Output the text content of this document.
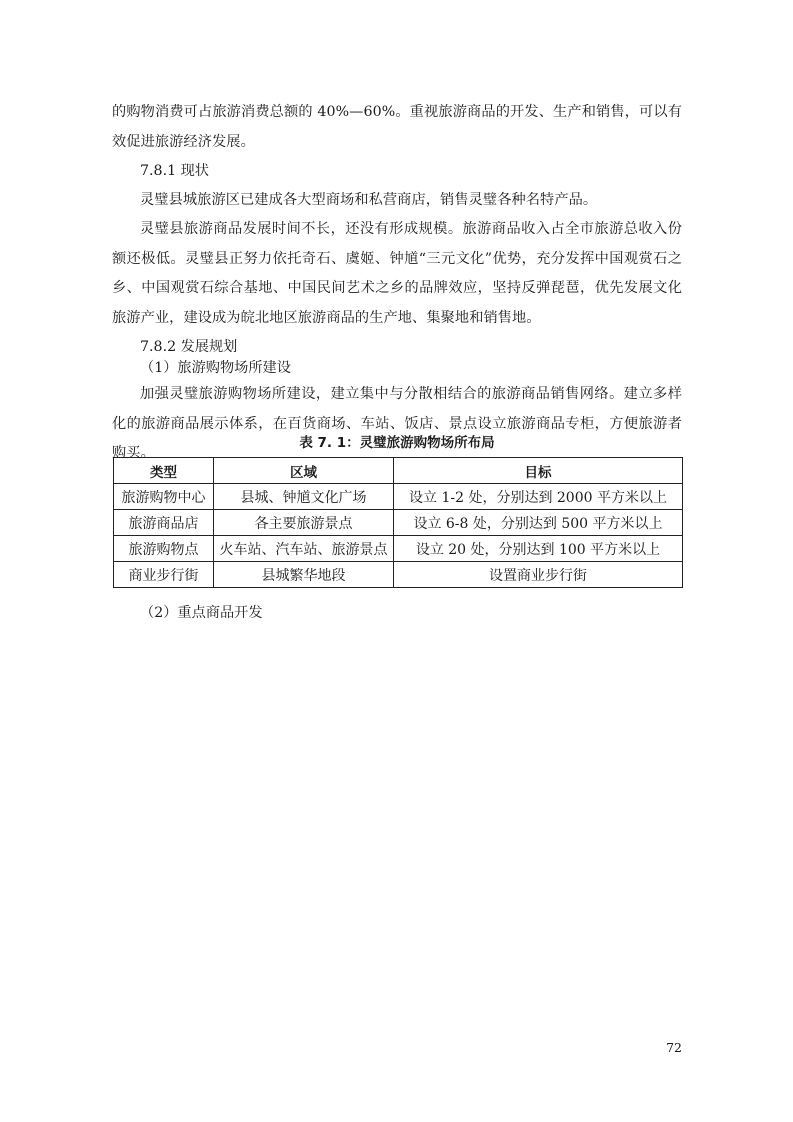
的购物消费可占旅游消费总额的 40%—60%。重视旅游商品的开发、生产和销售，可以有效促进旅游经济发展。
7.8.1 现状
灵璧县城旅游区已建成各大型商场和私营商店，销售灵璧各种名特产品。
灵璧县旅游商品发展时间不长，还没有形成规模。旅游商品收入占全市旅游总收入份额还极低。灵璧县正努力依托奇石、虞姬、钟馗“三元文化”优势，充分发挥中国观赏石之乡、中国观赏石综合基地、中国民间艺术之乡的品牌效应，坚持反弹琵琶，优先发展文化旅游产业，建设成为皖北地区旅游商品的生产地、集聚地和销售地。
7.8.2 发展规划
（1）旅游购物场所建设
加强灵璧旅游购物场所建设，建立集中与分散相结合的旅游商品销售网络。建立多样化的旅游商品展示体系，在百货商场、车站、饭店、景点设立旅游商品专柜，方便旅游者购买。
表 7. 1：灵璧旅游购物场所布局
类型	区域	目标
旅游购物中心	县城、钟馗文化广场	设立 1-2 处，分别达到 2000 平方米以上
旅游商品店	各主要旅游景点	设立 6-8 处，分别达到 500 平方米以上
旅游购物点	火车站、汽车站、旅游景点	设立 20 处，分别达到 100 平方米以上
商业步行街	县城繁华地段	设置商业步行街
（2）重点商品开发
72
